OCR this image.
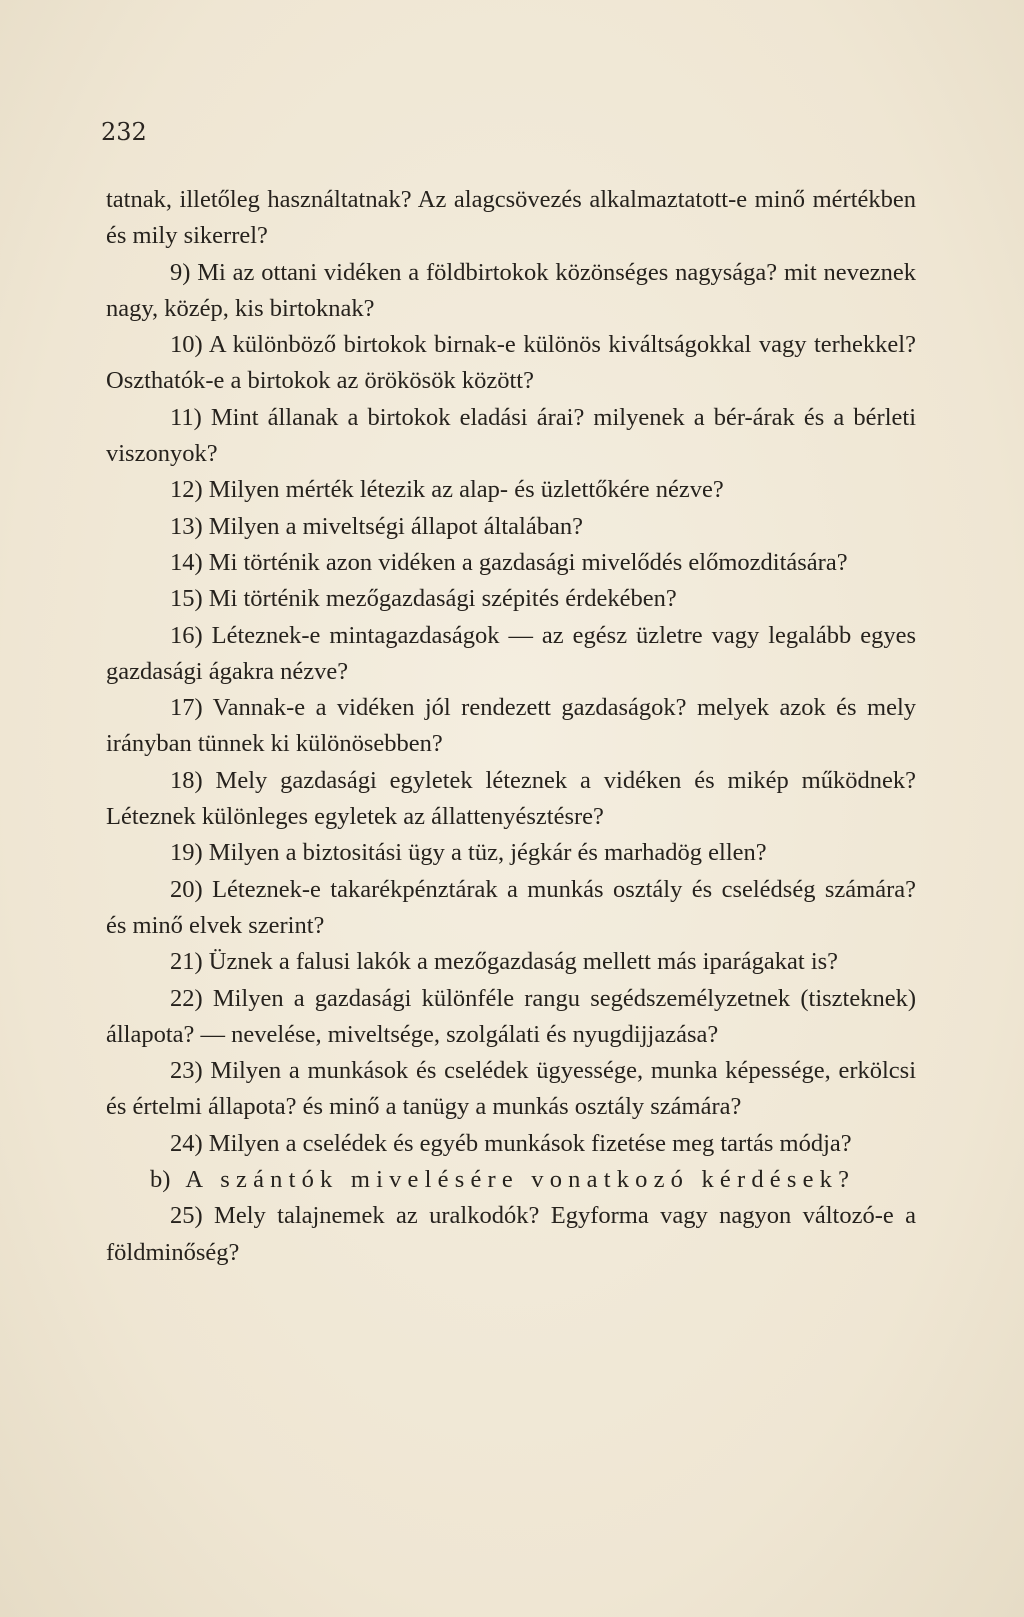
232

tatnak, illetőleg használtatnak? Az alagcsövezés alkalmaztatott-e minő mértékben és mily sikerrel?

9) Mi az ottani vidéken a földbirtokok közönséges nagysága? mit neveznek nagy, közép, kis birtoknak?

10) A különböző birtokok birnak-e különös kiváltságokkal vagy terhekkel? Oszthatók-e a birtokok az örökösök között?

11) Mint állanak a birtokok eladási árai? milyenek a bér-árak és a bérleti viszonyok?

12) Milyen mérték létezik az alap- és üzlettőkére nézve?

13) Milyen a miveltségi állapot általában?

14) Mi történik azon vidéken a gazdasági mivelődés előmozditására?

15) Mi történik mezőgazdasági szépités érdekében?

16) Léteznek-e mintagazdaságok — az egész üzletre vagy legalább egyes gazdasági ágakra nézve?

17) Vannak-e a vidéken jól rendezett gazdaságok? melyek azok és mely irányban tünnek ki különösebben?

18) Mely gazdasági egyletek léteznek a vidéken és mikép működnek? Léteznek különleges egyletek az állattenyésztésre?

19) Milyen a biztositási ügy a tüz, jégkár és marhadög ellen?

20) Léteznek-e takarékpénztárak a munkás osztály és cselédség számára? és minő elvek szerint?

21) Üznek a falusi lakók a mezőgazdaság mellett más iparágakat is?

22) Milyen a gazdasági különféle rangu segédszemélyzetnek (tiszteknek) állapota? — nevelése, miveltsége, szolgálati és nyugdijjazása?

23) Milyen a munkások és cselédek ügyessége, munka képessége, erkölcsi és értelmi állapota? és minő a tanügy a munkás osztály számára?

24) Milyen a cselédek és egyéb munkások fizetése meg tartás módja?

b) A szántók mivelésére vonatkozó kérdések?

25) Mely talajnemek az uralkodók? Egyforma vagy nagyon változó-e a földminőség?
